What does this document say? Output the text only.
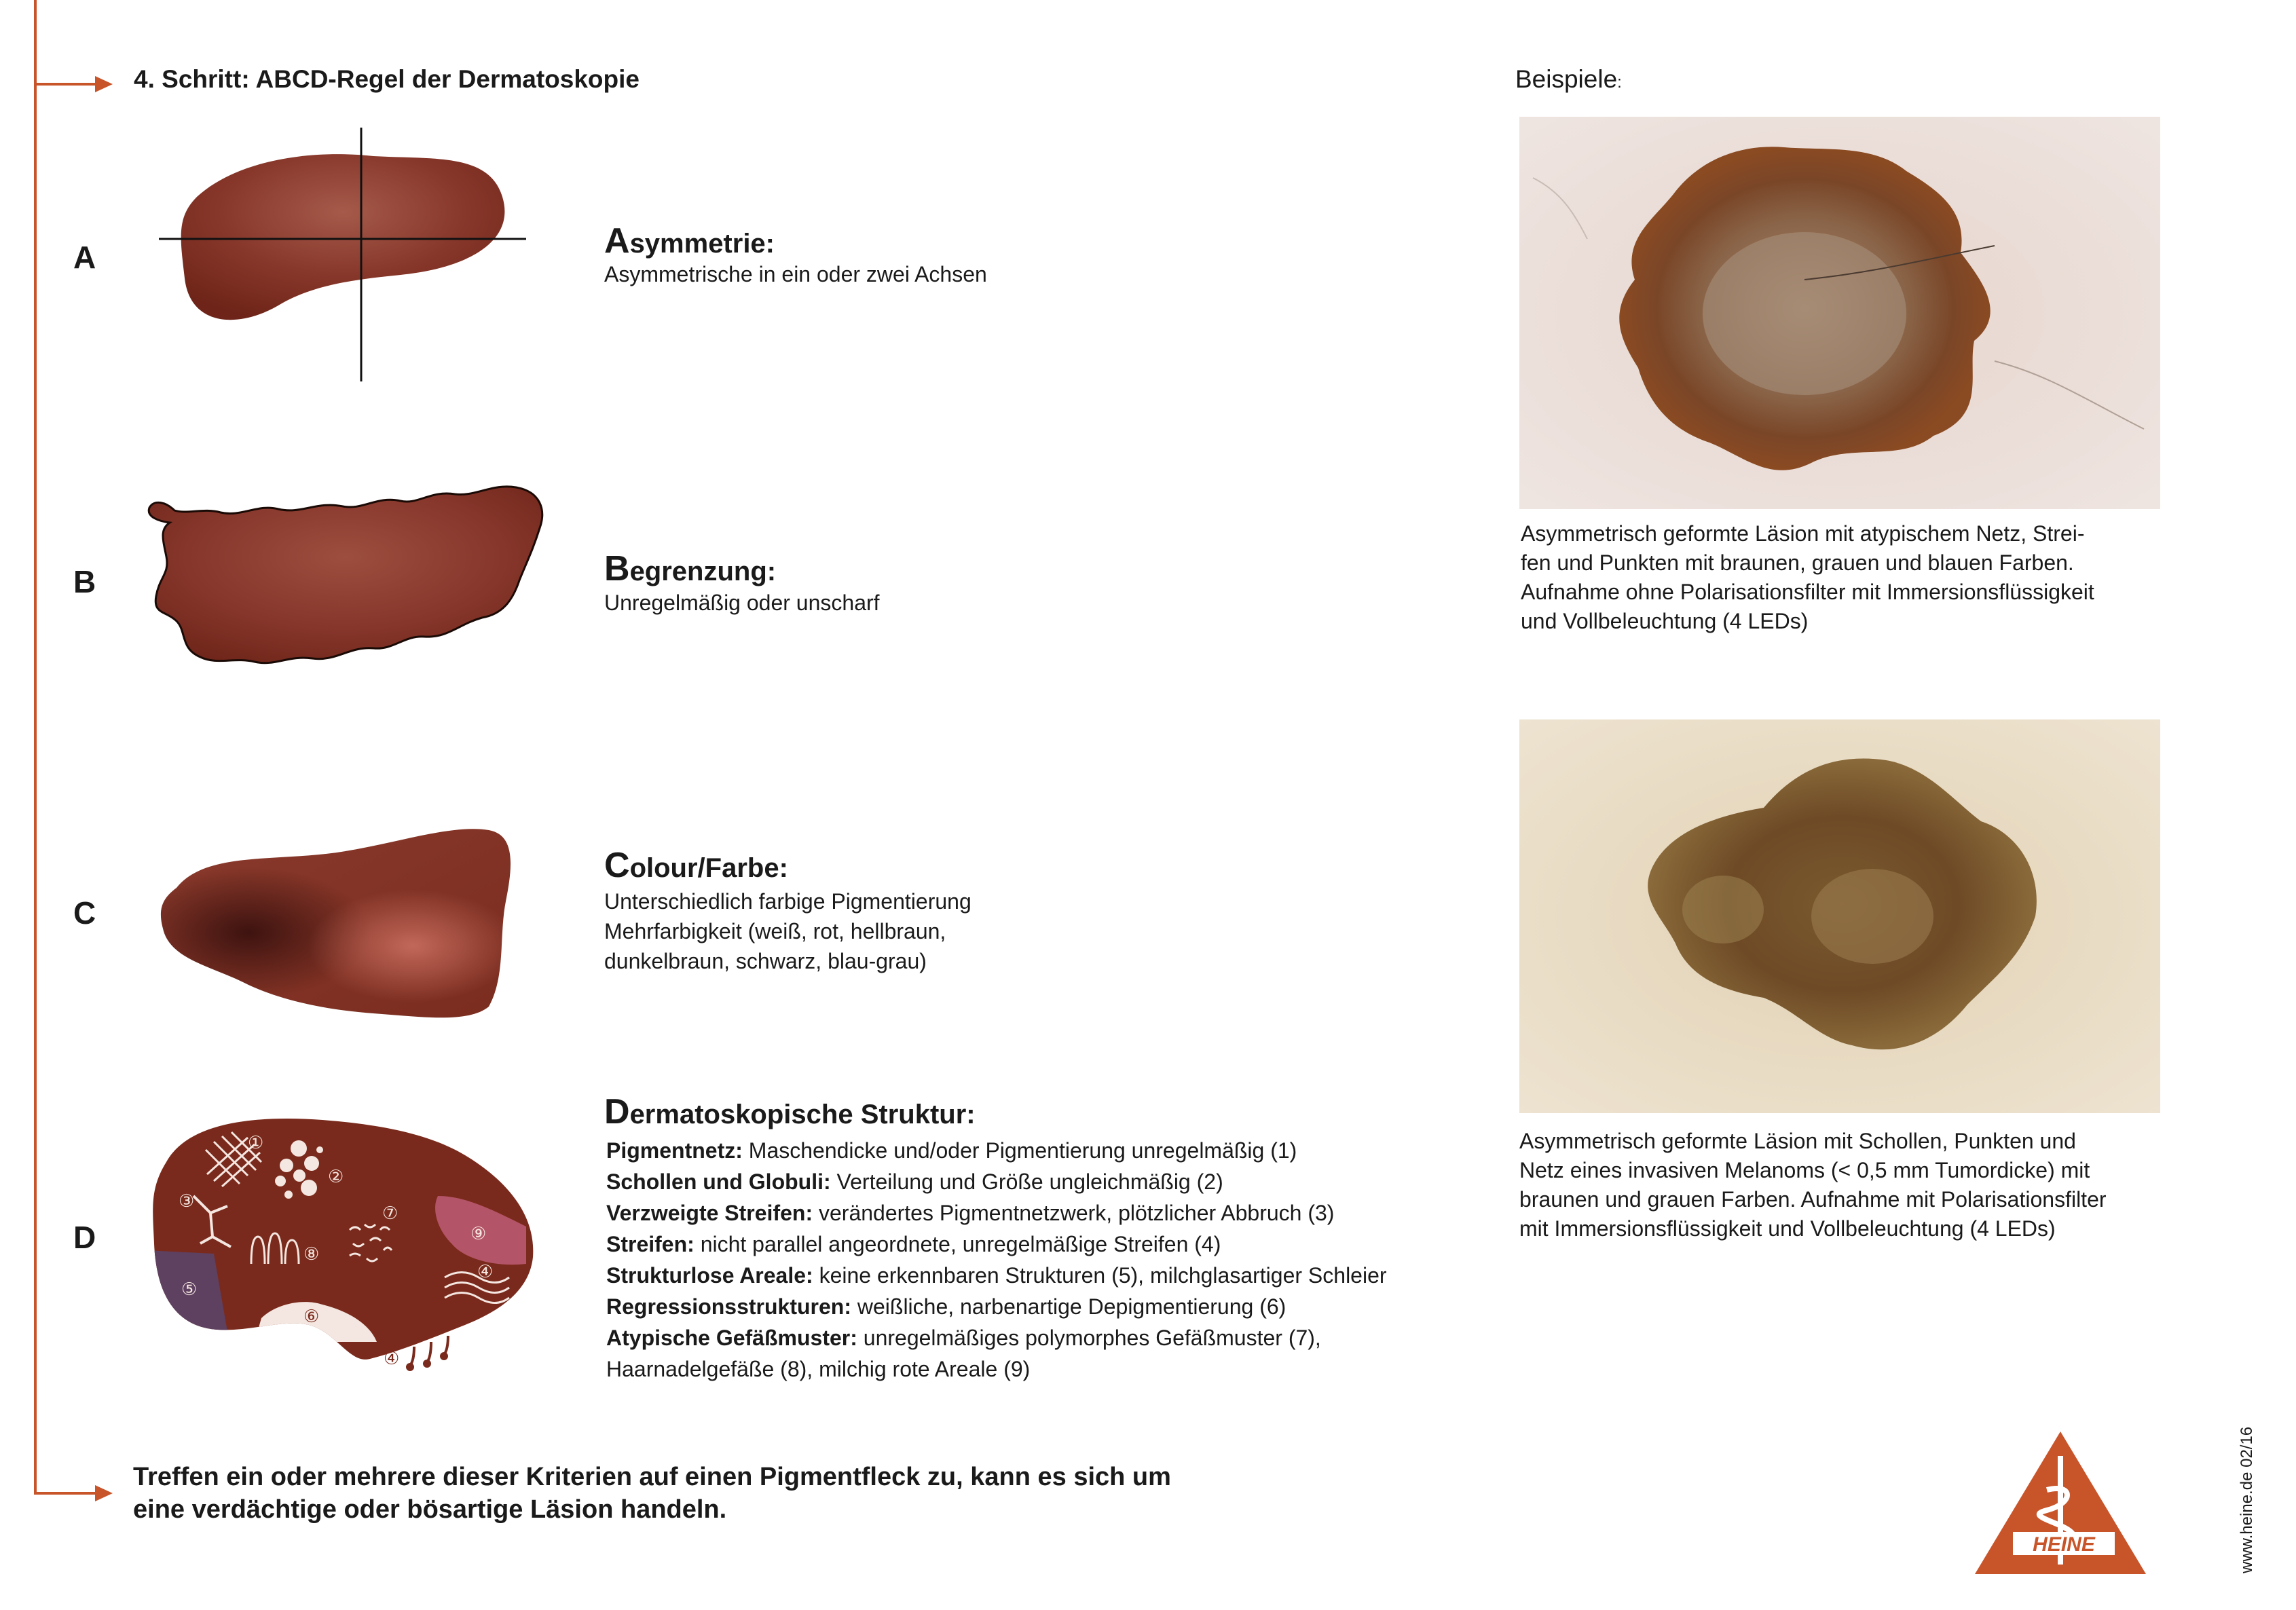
4. Schritt: ABCD-Regel der Dermatoskopie	Beispiele:
A
B
C
D
①
②
③
④
⑤
⑥
⑦
⑧
⑨
④
Asymmetrie:
Asymmetrische in ein oder zwei Achsen
Begrenzung:
Unregelmäßig oder unscharf
Colour/Farbe:
Unterschiedlich farbige Pigmentierung
Mehrfarbigkeit (weiß, rot, hellbraun,
dunkelbraun, schwarz, blau-grau)
Dermatoskopische Struktur:
Pigmentnetz: Maschendicke und/oder Pigmentierung unregelmäßig (1)
Schollen und Globuli: Verteilung und Größe ungleichmäßig (2)
Verzweigte Streifen: verändertes Pigmentnetzwerk, plötzlicher Abbruch (3)
Streifen: nicht parallel angeordnete, unregelmäßige Streifen (4)
Strukturlose Areale: keine erkennbaren Strukturen (5), milchglasartiger Schleier
Regressionsstrukturen: weißliche, narbenartige Depigmentierung (6)
Atypische Gefäßmuster: unregelmäßiges polymorphes Gefäßmuster (7),
Haarnadelgefäße (8), milchig rote Areale (9)
Asymmetrisch geformte Läsion mit atypischem Netz, Strei-
fen und Punkten mit braunen, grauen und blauen Farben.
Aufnahme ohne Polarisationsfilter mit Immersionsflüssigkeit
und Vollbeleuchtung (4 LEDs)
Asymmetrisch geformte Läsion mit Schollen, Punkten und
Netz eines invasiven Melanoms (< 0,5 mm Tumordicke) mit
braunen und grauen Farben. Aufnahme mit Polarisationsfilter
mit Immersionsflüssigkeit und Vollbeleuchtung (4 LEDs)
Treffen ein oder mehrere dieser Kriterien auf einen Pigmentfleck zu, kann es sich um
eine verdächtige oder bösartige Läsion handeln.	www.heine.de 02/16
HEINE
